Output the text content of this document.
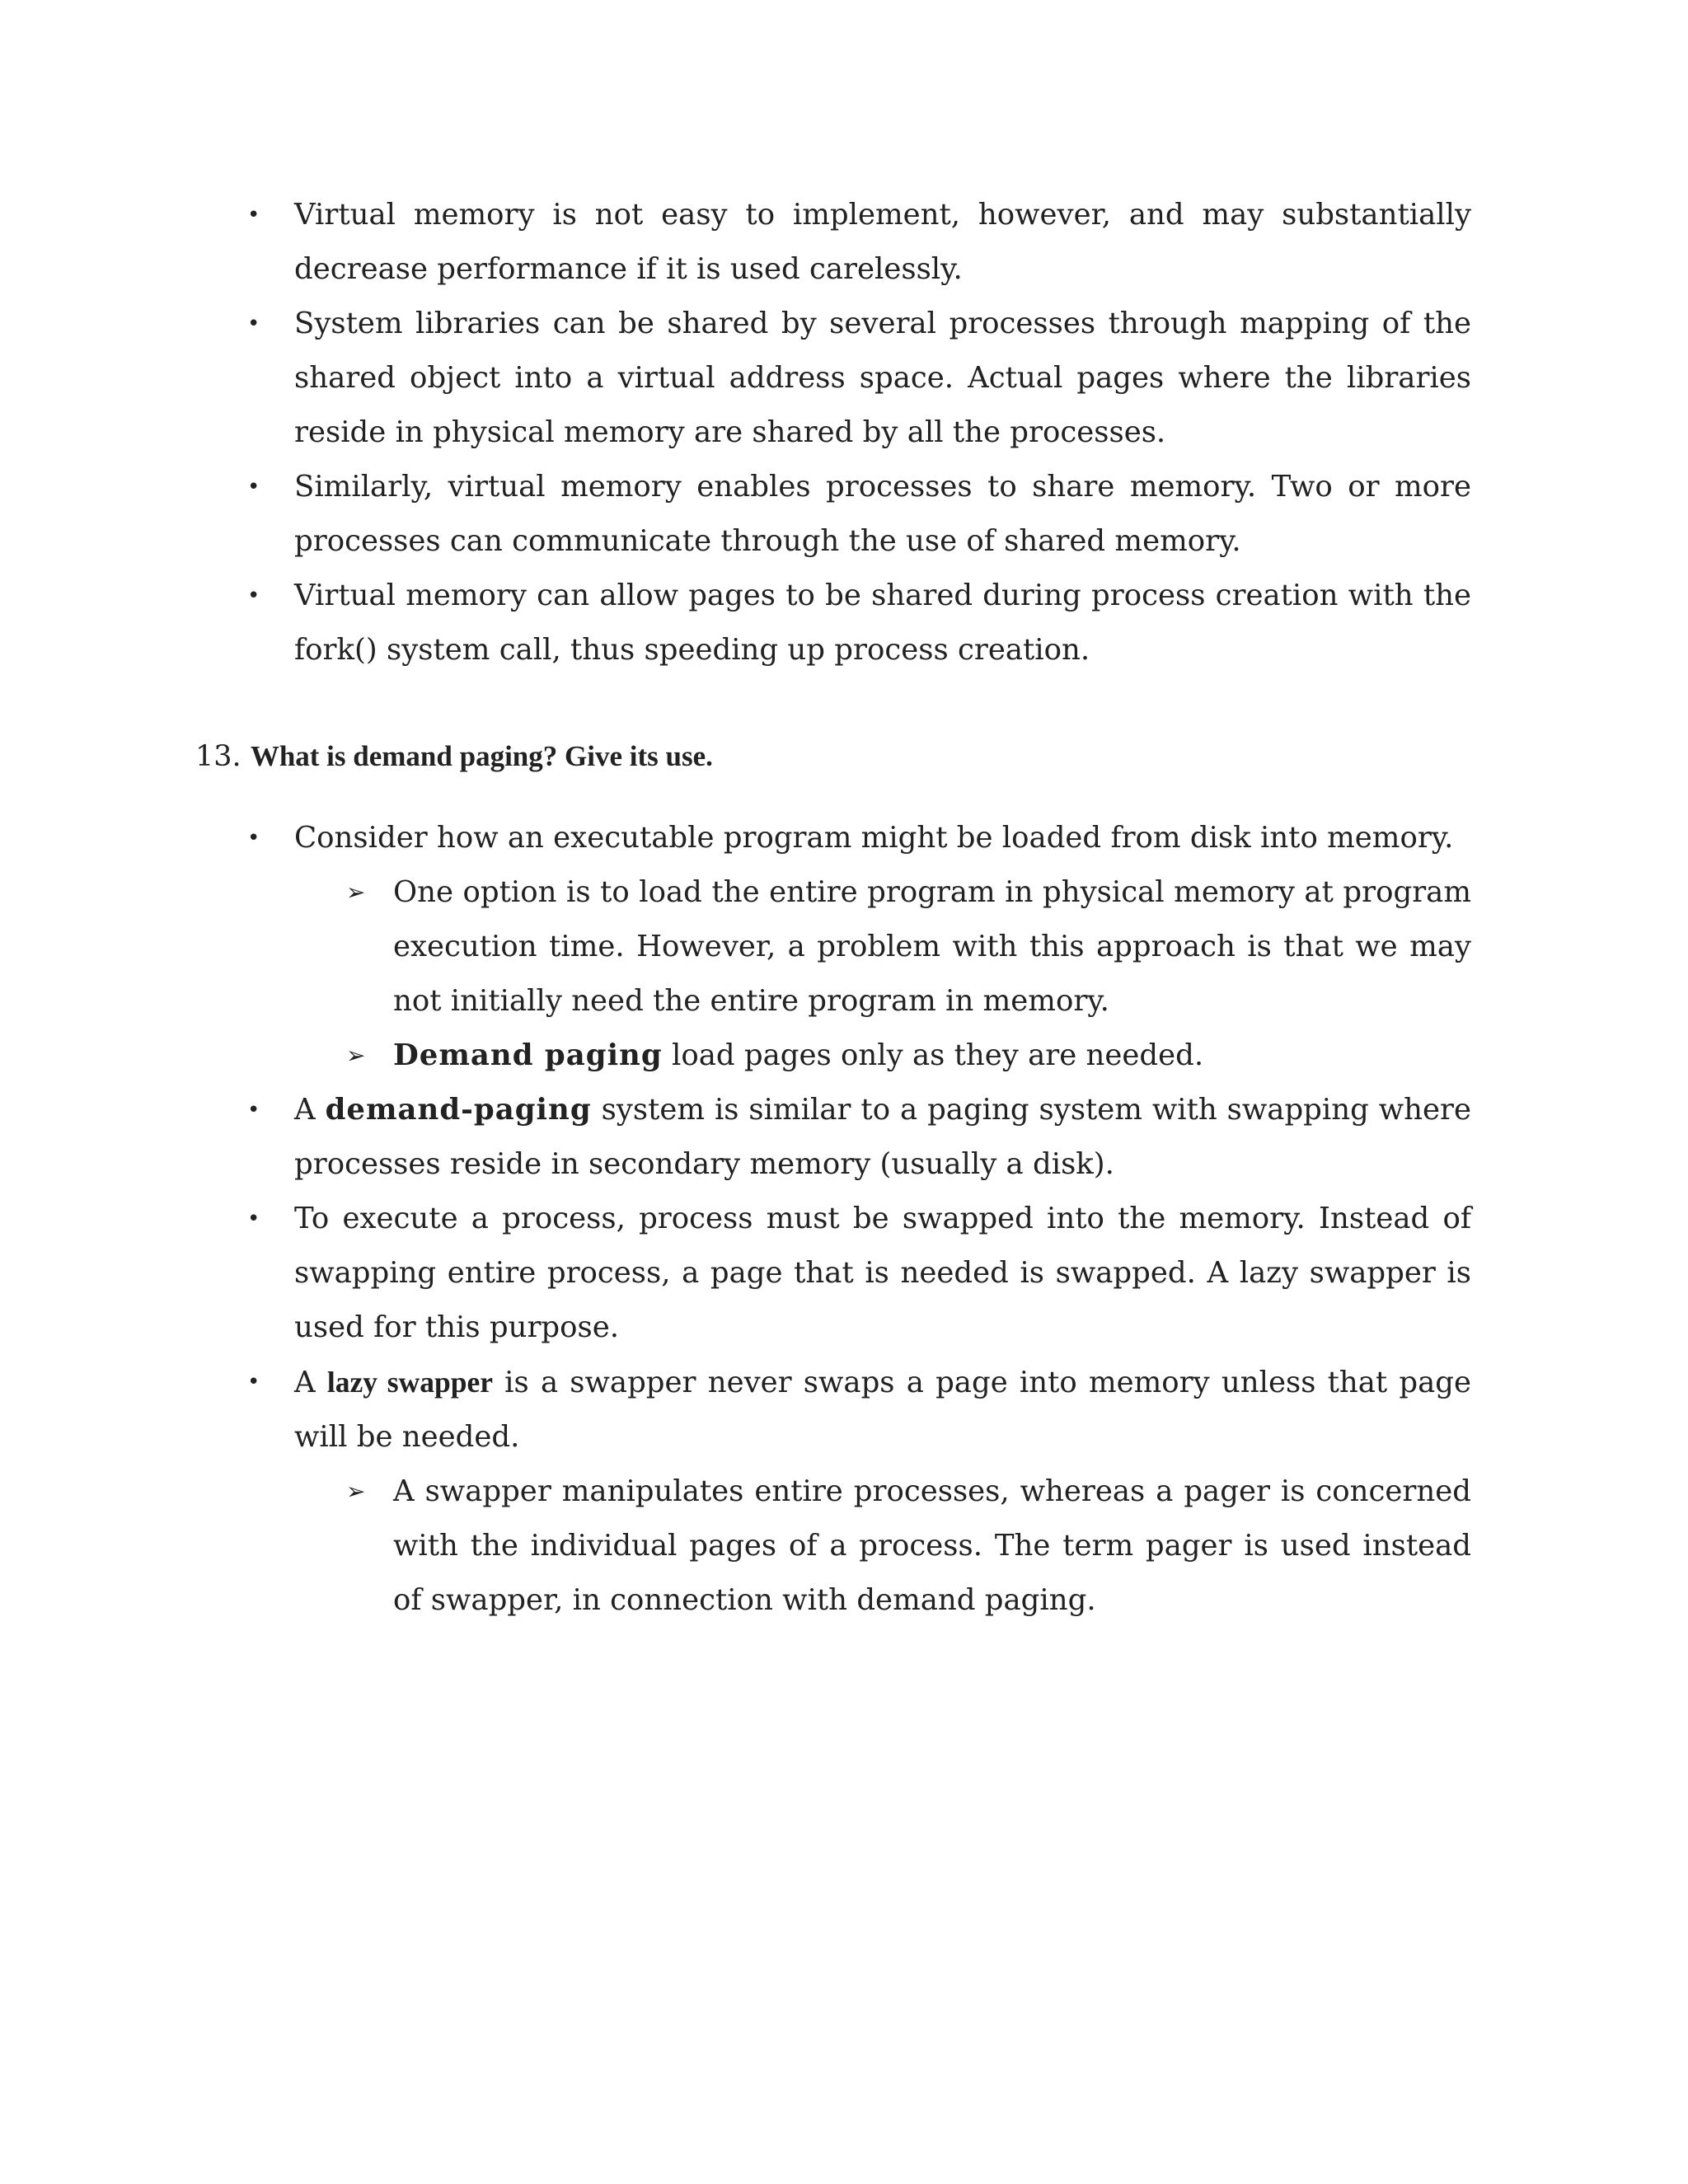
•	Virtual memory is not easy to implement, however, and may substantially decrease performance if it is used carelessly.
•	System libraries can be shared by several processes through mapping of the shared object into a virtual address space. Actual pages where the libraries reside in physical memory are shared by all the processes.
•	Similarly, virtual memory enables processes to share memory. Two or more processes can communicate through the use of shared memory.
•	Virtual memory can allow pages to be shared during process creation with the fork() system call, thus speeding up process creation.
13. What is demand paging? Give its use.
•	Consider how an executable program might be loaded from disk into memory.
➢ One option is to load the entire program in physical memory at program execution time. However, a problem with this approach is that we may not initially need the entire program in memory.
➢ Demand paging load pages only as they are needed.
•	A demand-paging system is similar to a paging system with swapping where processes reside in secondary memory (usually a disk).
•	To execute a process, process must be swapped into the memory. Instead of swapping entire process, a page that is needed is swapped. A lazy swapper is used for this purpose.
•	A lazy swapper is a swapper never swaps a page into memory unless that page will be needed.
➢ A swapper manipulates entire processes, whereas a pager is concerned with the individual pages of a process. The term pager is used instead of swapper, in connection with demand paging.
